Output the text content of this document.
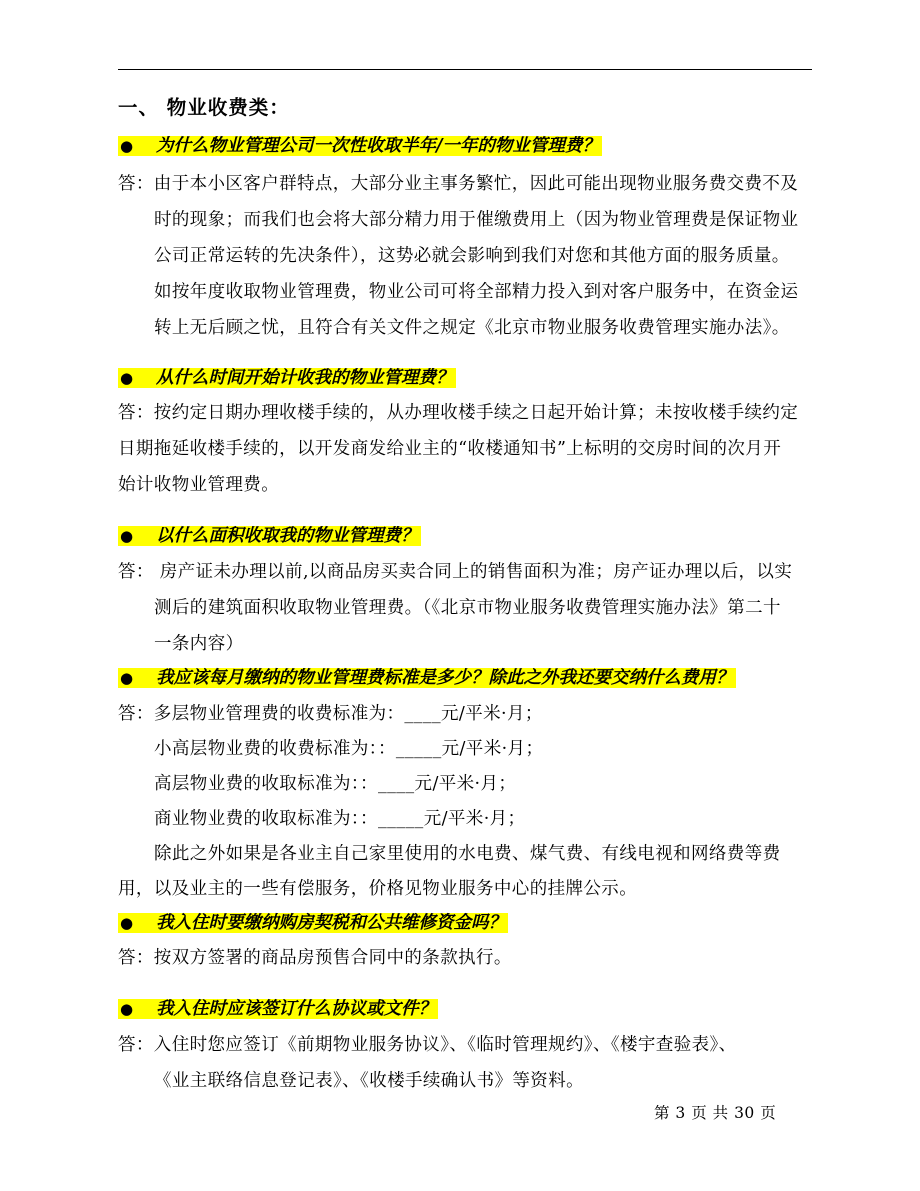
一、 物业收费类：
● 为什么物业管理公司一次性收取半年/一年的物业管理费？
答：由于本小区客户群特点，大部分业主事务繁忙，因此可能出现物业服务费交费不及
时的现象；而我们也会将大部分精力用于催缴费用上（因为物业管理费是保证物业
公司正常运转的先决条件），这势必就会影响到我们对您和其他方面的服务质量。
如按年度收取物业管理费，物业公司可将全部精力投入到对客户服务中，在资金运
转上无后顾之忧，且符合有关文件之规定《北京市物业服务收费管理实施办法》。
● 从什么时间开始计收我的物业管理费？
答：按约定日期办理收楼手续的，从办理收楼手续之日起开始计算；未按收楼手续约定
日期拖延收楼手续的，以开发商发给业主的“收楼通知书”上标明的交房时间的次月开
始计收物业管理费。
● 以什么面积收取我的物业管理费？
答： 房产证未办理以前,以商品房买卖合同上的销售面积为准；房产证办理以后，以实
测后的建筑面积收取物业管理费。（《北京市物业服务收费管理实施办法》第二十
一条内容）
● 我应该每月缴纳的物业管理费标准是多少？除此之外我还要交纳什么费用？
答：多层物业管理费的收费标准为：____元/平米·月；
小高层物业费的收费标准为：：_____元/平米·月；
高层物业费的收取标准为：：____元/平米·月；
商业物业费的收取标准为：：_____元/平米·月；
除此之外如果是各业主自己家里使用的水电费、煤气费、有线电视和网络费等费
用，以及业主的一些有偿服务，价格见物业服务中心的挂牌公示。
● 我入住时要缴纳购房契税和公共维修资金吗？
答：按双方签署的商品房预售合同中的条款执行。
● 我入住时应该签订什么协议或文件？
答：入住时您应签订《前期物业服务协议》、《临时管理规约》、《楼宇查验表》、
《业主联络信息登记表》、《收楼手续确认书》等资料。
第 3 页 共 30 页
